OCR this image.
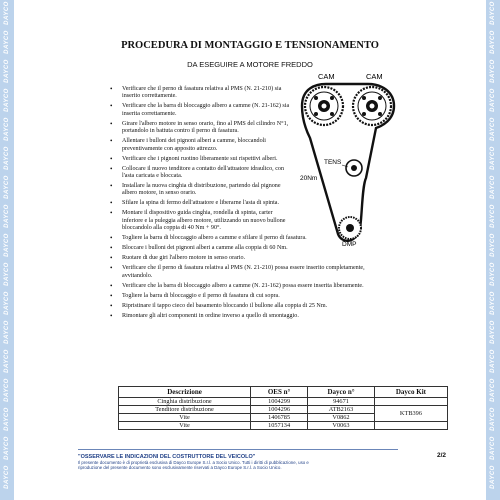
DAYCO
DAYCO
DAYCO
DAYCO
DAYCO
DAYCO
DAYCO
DAYCO
DAYCO
DAYCO
DAYCO
DAYCO
DAYCO
DAYCO
DAYCO
DAYCO
DAYCO
DAYCO
DAYCO
DAYCO
DAYCO
DAYCO
DAYCO
DAYCO
DAYCO
DAYCO
DAYCO
DAYCO
DAYCO
DAYCO
DAYCO
DAYCO
DAYCO
DAYCO
PROCEDURA DI MONTAGGIO E TENSIONAMENTO
DA ESEGUIRE A MOTORE FREDDO
• Verificare che il perno di fasatura relativa al PMS (N. 21-210) sia inserito correttamente.
• Verificare che la barra di bloccaggio albero a camme (N. 21-162) sia inserita correttamente.
• Girare l'albero motore in senso orario, fino al PMS del cilindro N°1, portandolo in battuta contro il perno di fasatura.
• Allentare i bulloni dei pignoni alberi a camme, bloccandoli preventivamente con apposito attrezzo.
• Verificare che i pignoni ruotino liberamente sui rispettivi alberi.
• Collocare il nuovo tenditore a contatto dell'attuatore idraulico, con l'asta caricata e bloccata.
• Installare la nuova cinghia di distribuzione, partendo dal pignone albero motore, in senso orario.
• Sfilare la spina di fermo dell'attuatore e liberarne l'asta di spinta.
• Montare il dispositivo guida cinghia, rondella di spinta, carter inferiore e la puleggia albero motore, utilizzando un nuovo bullone bloccandolo alla coppia di 40 Nm + 90°.
• Togliere la barra di bloccaggio albero a camme e sfilare il perno di fasatura.
• Bloccare i bulloni dei pignoni alberi a camme alla coppia di 60 Nm.
• Ruotare di due giri l'albero motore in senso orario.
• Verificare che il perno di fasatura relativa al PMS (N. 21-210) possa essere inserito completamente, avvitandolo.
• Verificare che la barra di bloccaggio albero a camme (N. 21-162) possa essere inserita liberamente.
• Togliere la barra di bloccaggio e il perno di fasatura di cui sopra.
• Ripristinare il tappo cieco del basamento bloccando il bullone alla coppia di 25 Nm.
• Rimontare gli altri componenti in ordine inverso a quello di smontaggio.
CAM	CAM
TENS
20Nm
DMP
Descrizione	OES n°	Dayco n°	Dayco Kit
Cinghia distribuzione	1004299	94671	
Tenditore distribuzione	1004296	ATB2163	KTB396
Vite	1406785	V0862	
Vite	1057134	V0063	
"OSSERVARE LE INDICAZIONI DEL COSTRUTTORE DEL VEICOLO"
Il presente documento è di proprietà esclusiva di Dayco Europe S.r.l. a Socio Unico. Tutti i diritti di pubblicazione, uso e
riproduzione del presente documento sono esclusivamente riservati a Dayco Europe S.r.l. a Socio Unico.
2/2
